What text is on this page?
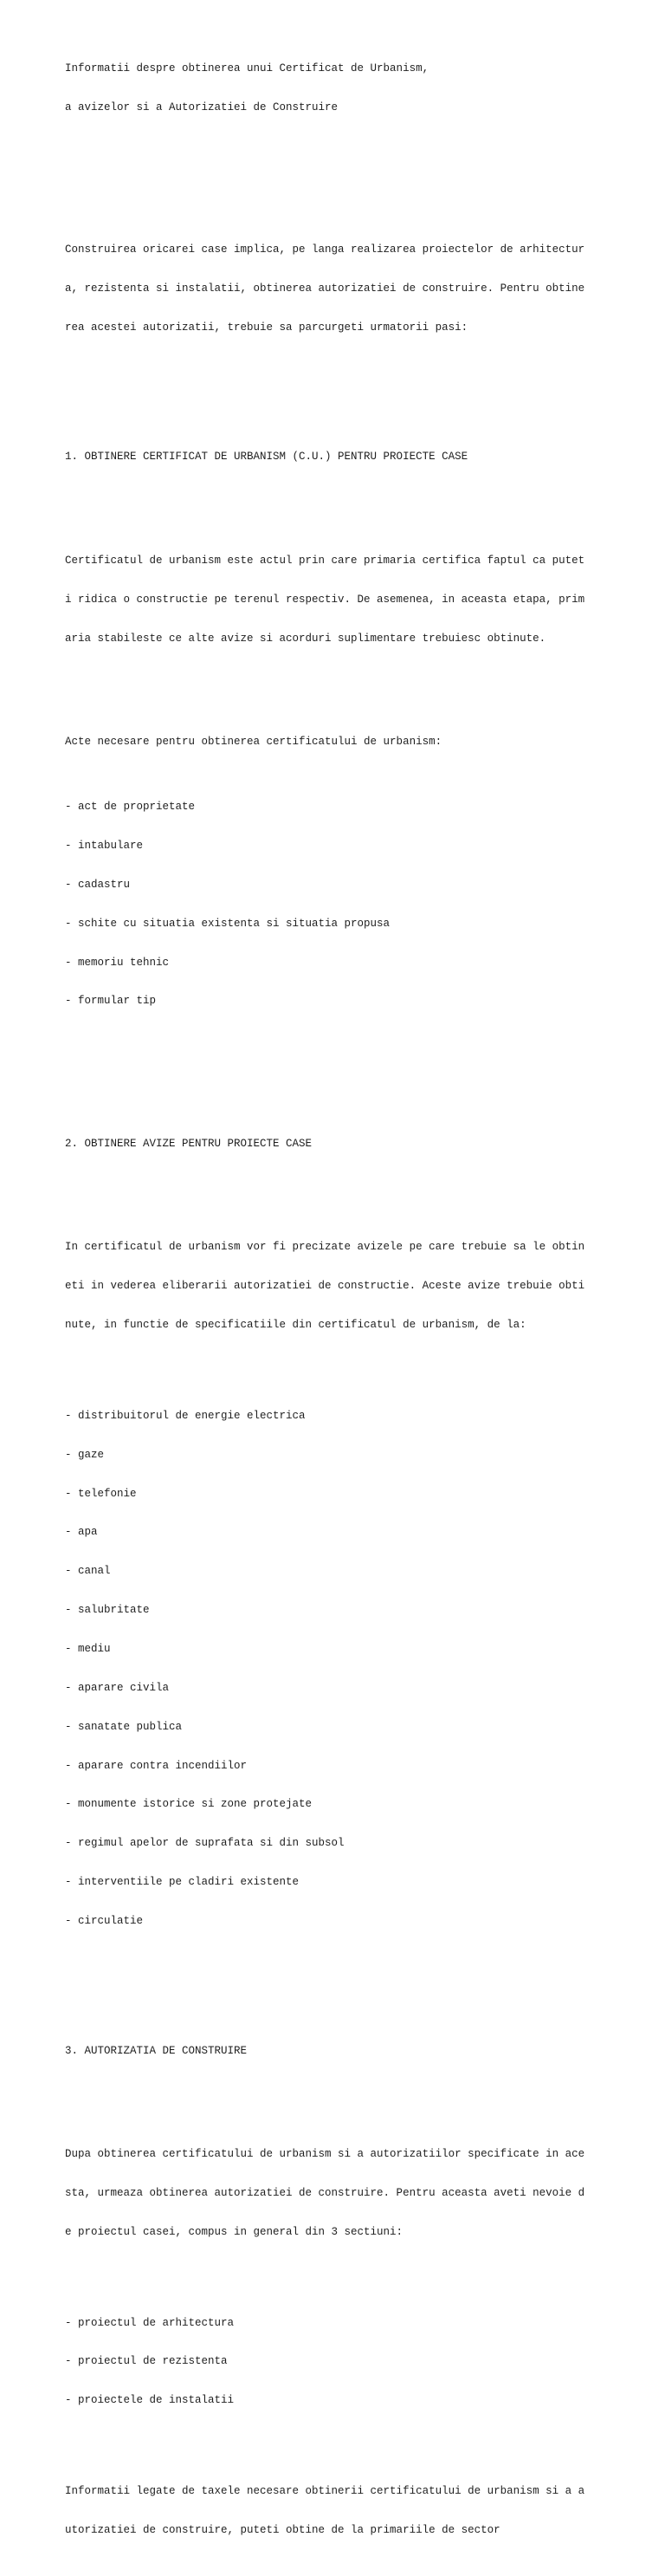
Informatii despre obtinerea unui Certificat de Urbanism,

a avizelor si a Autorizatiei de Construire

Construirea oricarei case implica, pe langa realizarea proiectelor de arhitectur

a, rezistenta si instalatii, obtinerea autorizatiei de construire. Pentru obtine

rea acestei autorizatii, trebuie sa parcurgeti urmatorii pasi:

1. OBTINERE CERTIFICAT DE URBANISM (C.U.) PENTRU PROIECTE CASE

Certificatul de urbanism este actul prin care primaria certifica faptul ca putet

i ridica o constructie pe terenul respectiv. De asemenea, in aceasta etapa, prim

aria stabileste ce alte avize si acorduri suplimentare trebuiesc obtinute.

Acte necesare pentru obtinerea certificatului de urbanism:

- act de proprietate

- intabulare

- cadastru

- schite cu situatia existenta si situatia propusa

- memoriu tehnic

- formular tip

2. OBTINERE AVIZE PENTRU PROIECTE CASE

In certificatul de urbanism vor fi precizate avizele pe care trebuie sa le obtin

eti in vederea eliberarii autorizatiei de constructie. Aceste avize trebuie obti

nute, in functie de specificatiile din certificatul de urbanism, de la:

- distribuitorul de energie electrica

- gaze

- telefonie

- apa

- canal

- salubritate

- mediu

- aparare civila

- sanatate publica

- aparare contra incendiilor

- monumente istorice si zone protejate

- regimul apelor de suprafata si din subsol

- interventiile pe cladiri existente

- circulatie

3. AUTORIZATIA DE CONSTRUIRE

Dupa obtinerea certificatului de urbanism si a autorizatiilor specificate in ace

sta, urmeaza obtinerea autorizatiei de construire. Pentru aceasta aveti nevoie d

e proiectul casei, compus in general din 3 sectiuni:

- proiectul de arhitectura

- proiectul de rezistenta

- proiectele de instalatii

Informatii legate de taxele necesare obtinerii certificatului de urbanism si a a

utorizatiei de construire, puteti obtine de la primariile de sector
